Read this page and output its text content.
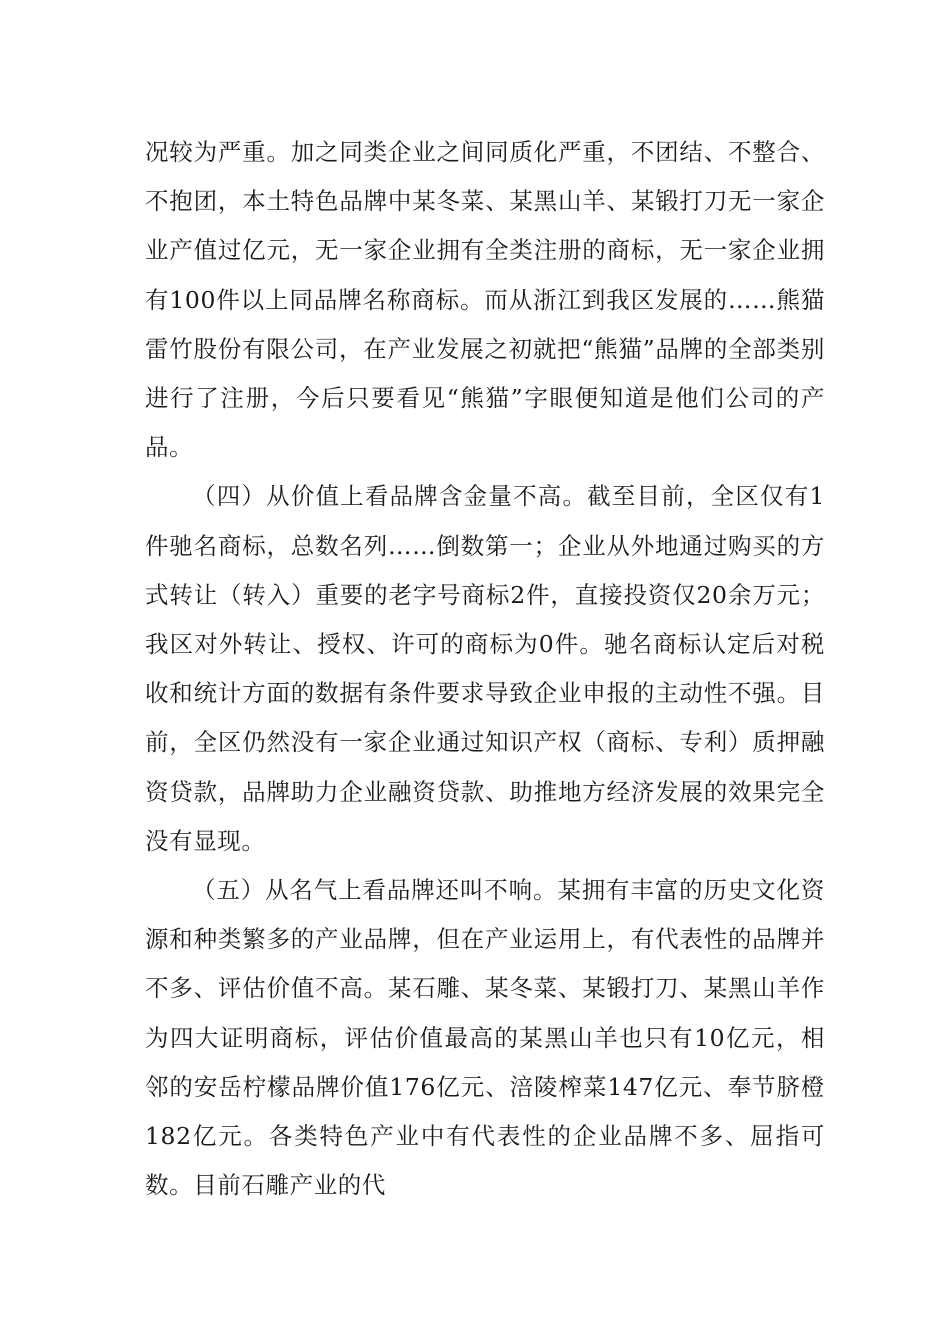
况较为严重。加之同类企业之间同质化严重，不团结、不整合、不抱团，本土特色品牌中某冬菜、某黑山羊、某锻打刀无一家企业产值过亿元，无一家企业拥有全类注册的商标，无一家企业拥有100件以上同品牌名称商标。而从浙江到我区发展的……熊猫雷竹股份有限公司，在产业发展之初就把“熊猫”品牌的全部类别进行了注册，今后只要看见“熊猫”字眼便知道是他们公司的产品。

（四）从价值上看品牌含金量不高。截至目前，全区仅有1件驰名商标，总数名列……倒数第一；企业从外地通过购买的方式转让（转入）重要的老字号商标2件，直接投资仅20余万元；我区对外转让、授权、许可的商标为0件。驰名商标认定后对税收和统计方面的数据有条件要求导致企业申报的主动性不强。目前，全区仍然没有一家企业通过知识产权（商标、专利）质押融资贷款，品牌助力企业融资贷款、助推地方经济发展的效果完全没有显现。

（五）从名气上看品牌还叫不响。某拥有丰富的历史文化资源和种类繁多的产业品牌，但在产业运用上，有代表性的品牌并不多、评估价值不高。某石雕、某冬菜、某锻打刀、某黑山羊作为四大证明商标，评估价值最高的某黑山羊也只有10亿元，相邻的安岳柠檬品牌价值176亿元、涪陵榨菜147亿元、奉节脐橙182亿元。各类特色产业中有代表性的企业品牌不多、屈指可数。目前石雕产业的代
